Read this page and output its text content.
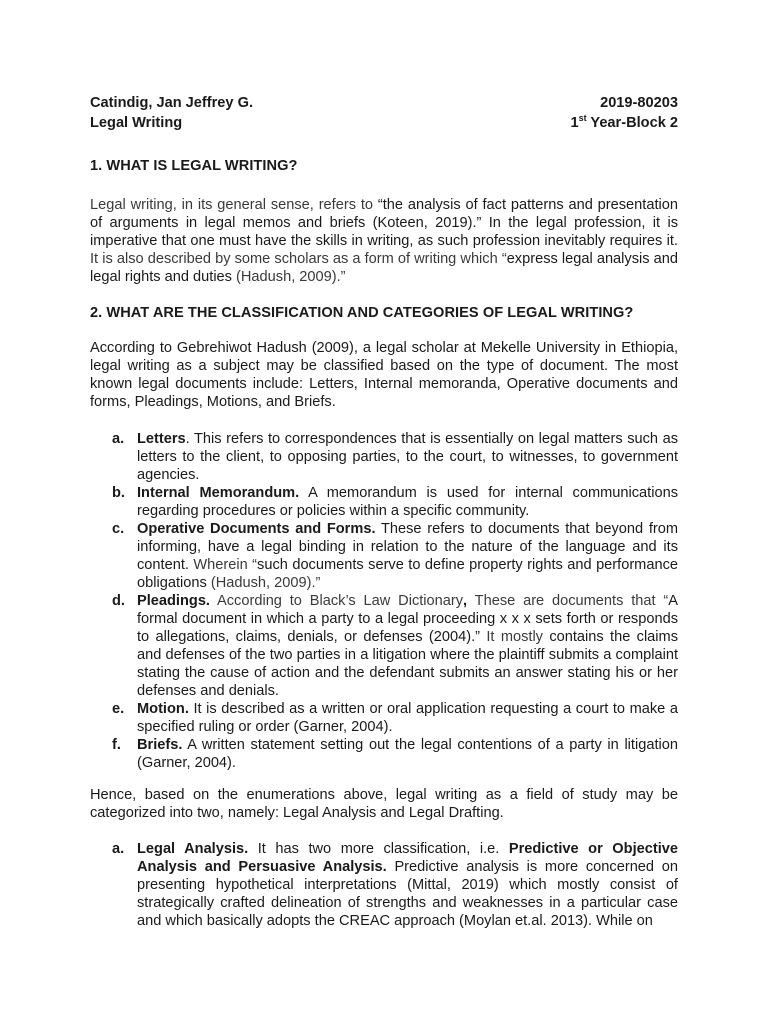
Catindig, Jan Jeffrey G.	2019-80203
Legal Writing	1st Year-Block 2
1. WHAT IS LEGAL WRITING?
Legal writing, in its general sense, refers to “the analysis of fact patterns and presentation of arguments in legal memos and briefs (Koteen, 2019).” In the legal profession, it is imperative that one must have the skills in writing, as such profession inevitably requires it. It is also described by some scholars as a form of writing which “express legal analysis and legal rights and duties (Hadush, 2009).”
2. WHAT ARE THE CLASSIFICATION AND CATEGORIES OF LEGAL WRITING?
According to Gebrehiwot Hadush (2009), a legal scholar at Mekelle University in Ethiopia, legal writing as a subject may be classified based on the type of document. The most known legal documents include: Letters, Internal memoranda, Operative documents and forms, Pleadings, Motions, and Briefs.
a. Letters. This refers to correspondences that is essentially on legal matters such as letters to the client, to opposing parties, to the court, to witnesses, to government agencies.
b. Internal Memorandum. A memorandum is used for internal communications regarding procedures or policies within a specific community.
c. Operative Documents and Forms. These refers to documents that beyond from informing, have a legal binding in relation to the nature of the language and its content. Wherein “such documents serve to define property rights and performance obligations (Hadush, 2009).”
d. Pleadings. According to Black’s Law Dictionary, These are documents that “A formal document in which a party to a legal proceeding x x x sets forth or responds to allegations, claims, denials, or defenses (2004).” It mostly contains the claims and defenses of the two parties in a litigation where the plaintiff submits a complaint stating the cause of action and the defendant submits an answer stating his or her defenses and denials.
e. Motion. It is described as a written or oral application requesting a court to make a specified ruling or order (Garner, 2004).
f. Briefs. A written statement setting out the legal contentions of a party in litigation (Garner, 2004).
Hence, based on the enumerations above, legal writing as a field of study may be categorized into two, namely: Legal Analysis and Legal Drafting.
a. Legal Analysis. It has two more classification, i.e. Predictive or Objective Analysis and Persuasive Analysis. Predictive analysis is more concerned on presenting hypothetical interpretations (Mittal, 2019) which mostly consist of strategically crafted delineation of strengths and weaknesses in a particular case and which basically adopts the CREAC approach (Moylan et.al. 2013). While on
